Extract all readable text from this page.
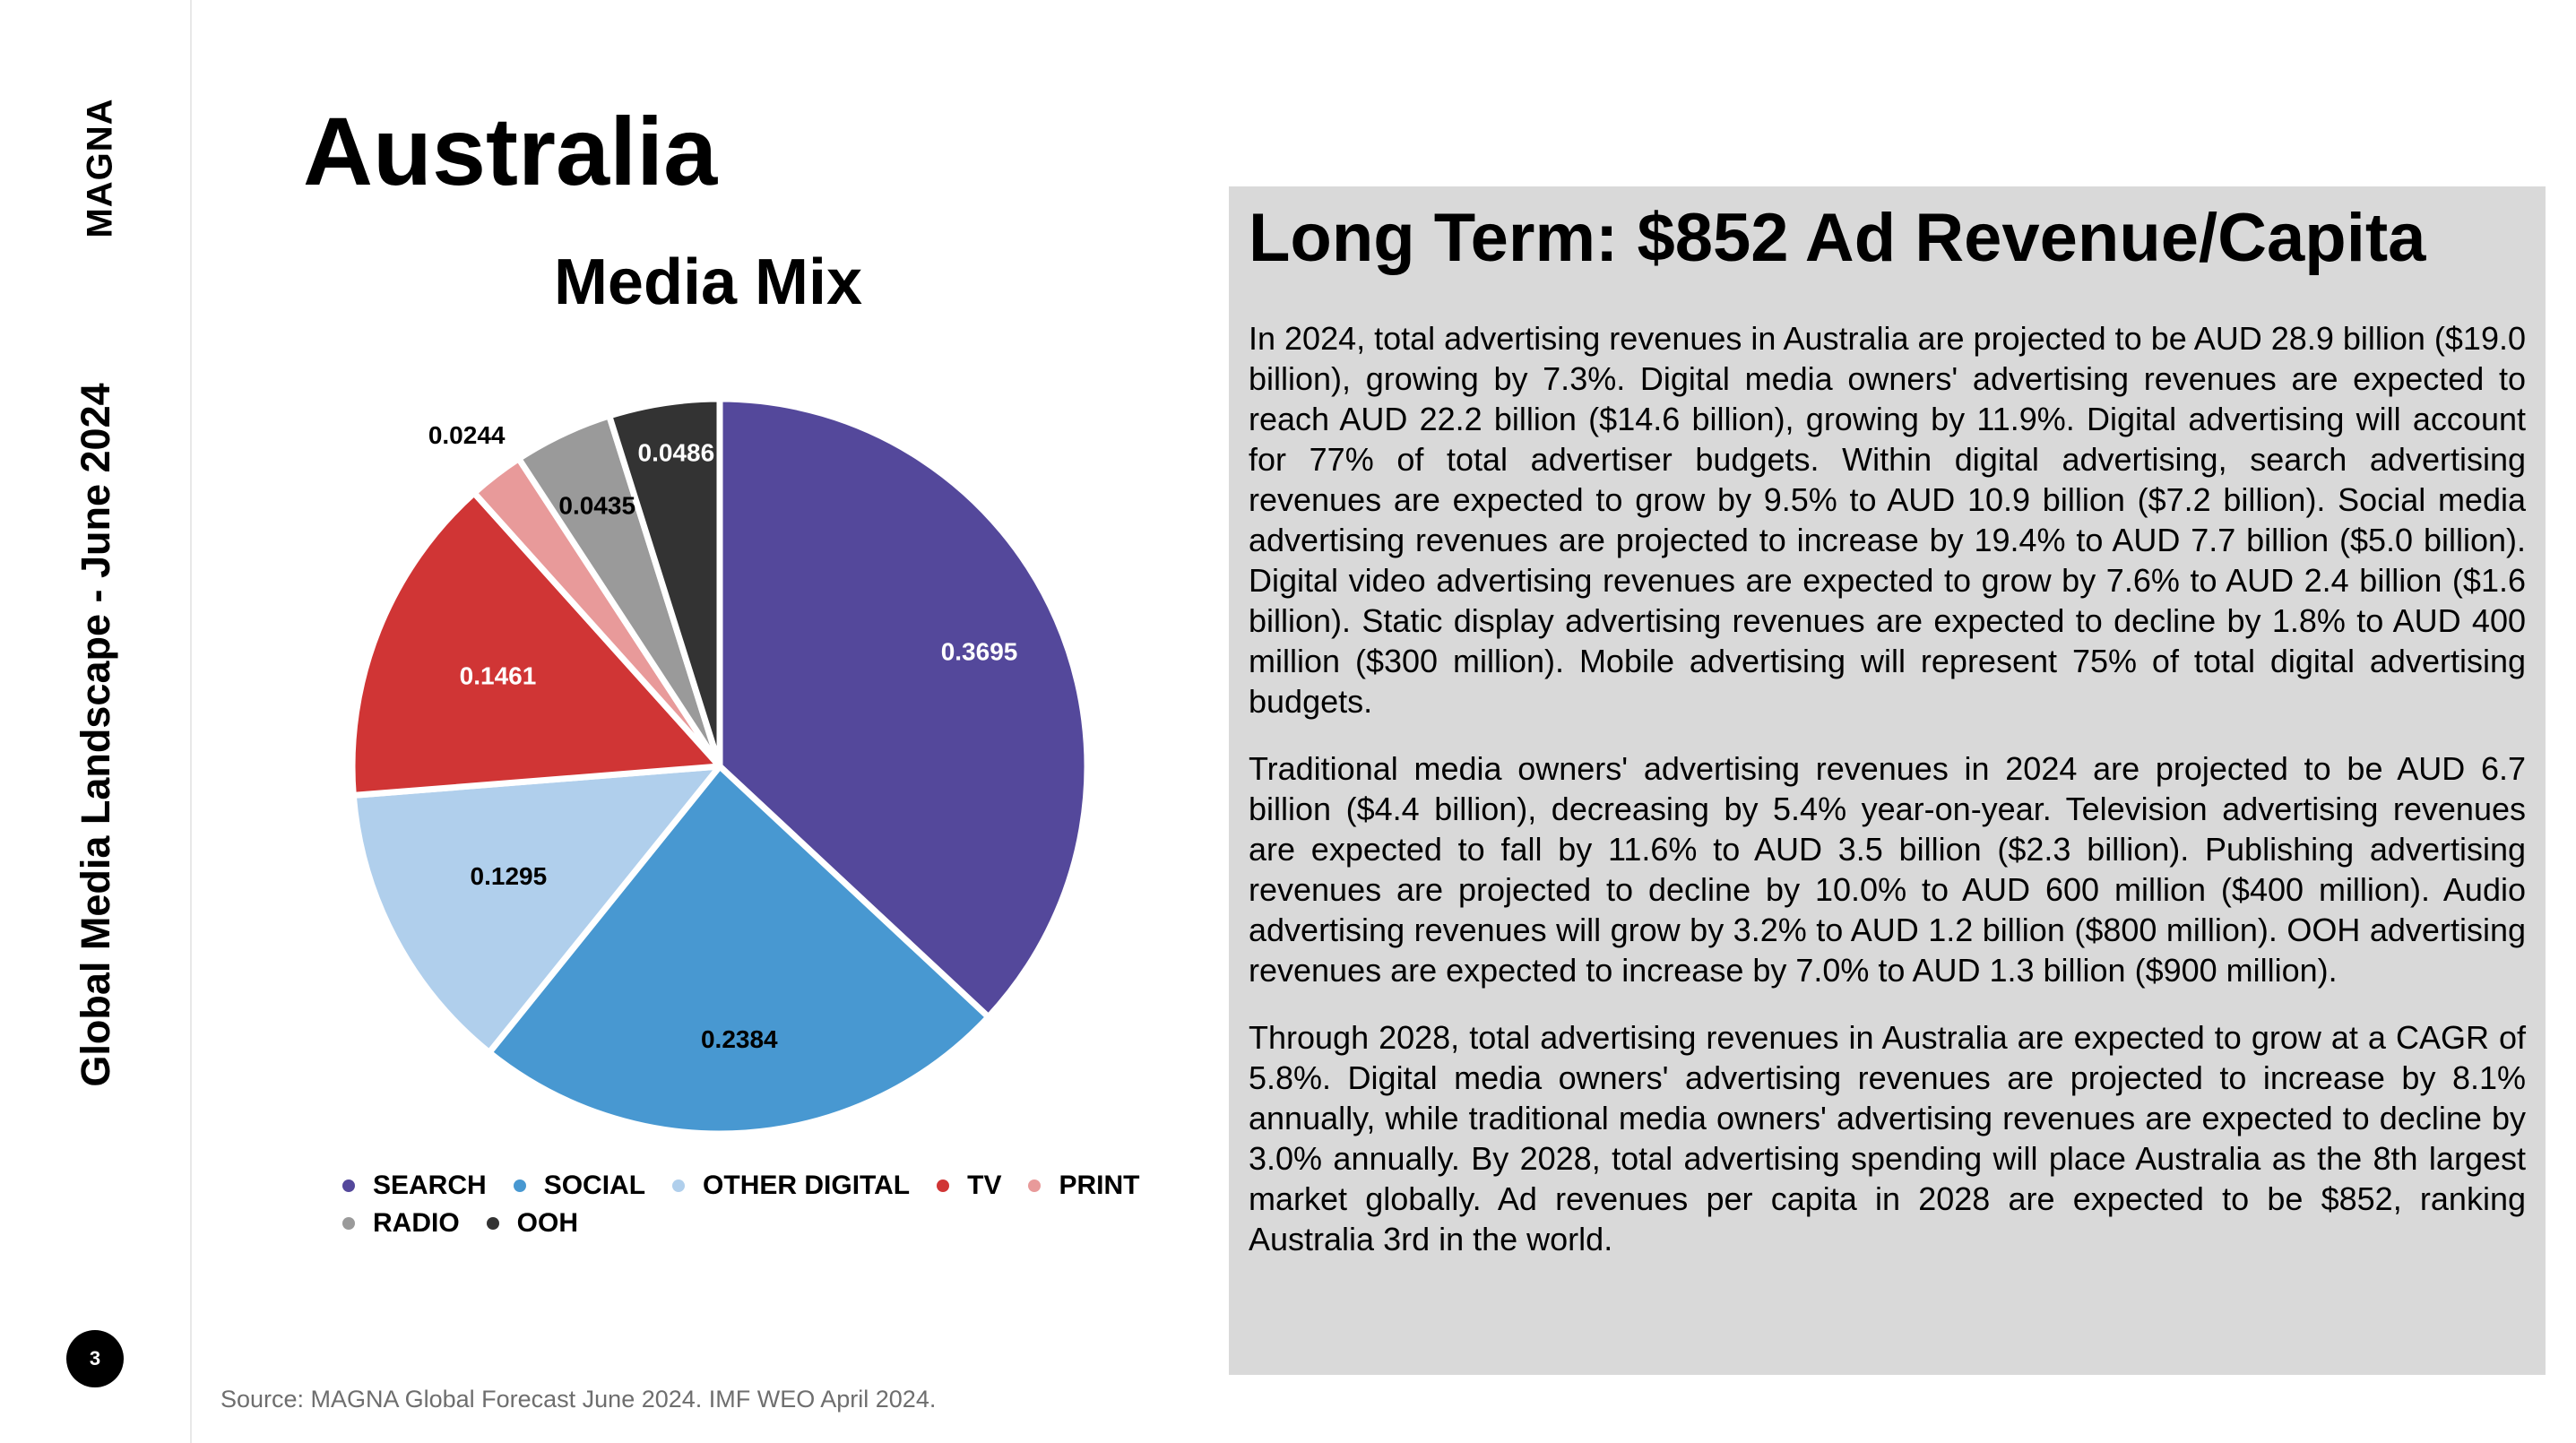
MAGNA
Global Media Landscape - June 2024
3
Australia
Media Mix
0.3695
0.2384
0.1295
0.1461
0.0244
0.0435
0.0486
SEARCH SOCIAL OTHER DIGITAL TV PRINT
RADIO OOH
Long Term: $852 Ad Revenue/Capita

In 2024, total advertising revenues in Australia are projected to be AUD 28.9 billion ($19.0 billion), growing by 7.3%. Digital media owners' advertising revenues are expected to reach AUD 22.2 billion ($14.6 billion), growing by 11.9%. Digital advertising will account for 77% of total advertiser budgets. Within digital advertising, search advertising revenues are expected to grow by 9.5% to AUD 10.9 billion ($7.2 billion). Social media advertising revenues are projected to increase by 19.4% to AUD 7.7 billion ($5.0 billion). Digital video advertising revenues are expected to grow by 7.6% to AUD 2.4 billion ($1.6 billion). Static display advertising revenues are expected to decline by 1.8% to AUD 400 million ($300 million). Mobile advertising will represent 75% of total digital advertising budgets.

Traditional media owners' advertising revenues in 2024 are projected to be AUD 6.7 billion ($4.4 billion), decreasing by 5.4% year-on-year. Television advertising revenues are expected to fall by 11.6% to AUD 3.5 billion ($2.3 billion). Publishing advertising revenues are projected to decline by 10.0% to AUD 600 million ($400 million). Audio advertising revenues will grow by 3.2% to AUD 1.2 billion ($800 million). OOH advertising revenues are expected to increase by 7.0% to AUD 1.3 billion ($900 million).

Through 2028, total advertising revenues in Australia are expected to grow at a CAGR of 5.8%. Digital media owners' advertising revenues are projected to increase by 8.1% annually, while traditional media owners' advertising revenues are expected to decline by 3.0% annually. By 2028, total advertising spending will place Australia as the 8th largest market globally. Ad revenues per capita in 2028 are expected to be $852, ranking Australia 3rd in the world.

Source: MAGNA Global Forecast June 2024. IMF WEO April 2024.
